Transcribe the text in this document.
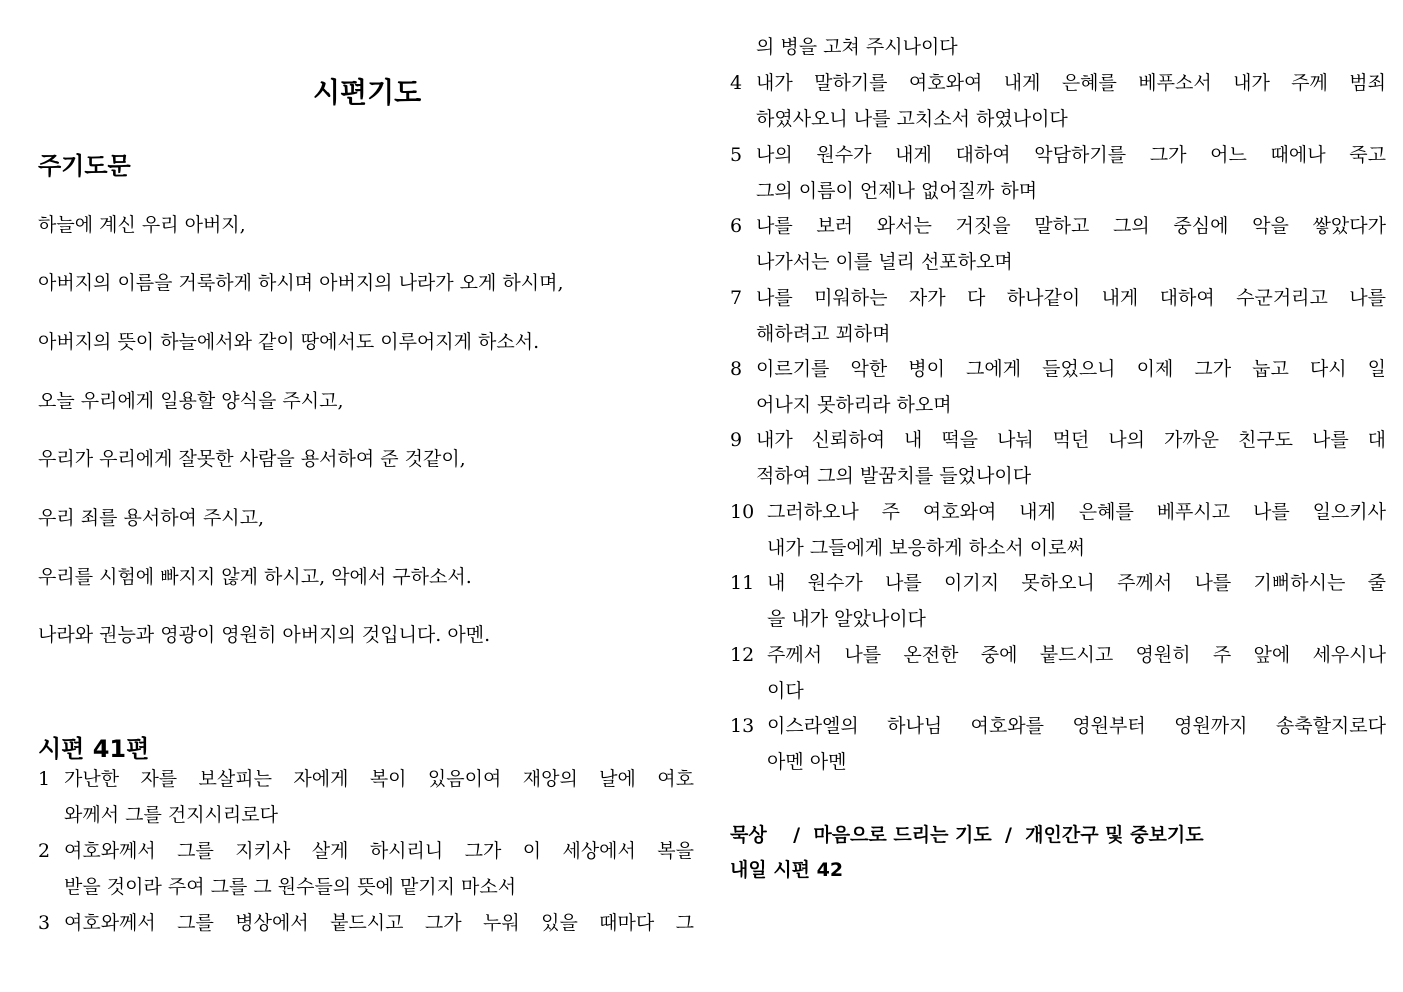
시편기도
주기도문
하늘에 계신 우리 아버지,
아버지의 이름을 거룩하게 하시며 아버지의 나라가 오게 하시며,
아버지의 뜻이 하늘에서와 같이 땅에서도 이루어지게 하소서.
오늘 우리에게 일용할 양식을 주시고,
우리가 우리에게 잘못한 사람을 용서하여 준 것같이,
우리 죄를 용서하여 주시고,
우리를 시험에 빠지지 않게 하시고, 악에서 구하소서.
나라와 권능과 영광이 영원히 아버지의 것입니다. 아멘.
시편 41편
1 가난한 자를 보살피는 자에게 복이 있음이여 재앙의 날에 여호
와께서 그를 건지시리로다
2 여호와께서 그를 지키사 살게 하시리니 그가 이 세상에서 복을
받을 것이라 주여 그를 그 원수들의 뜻에 맡기지 마소서
3 여호와께서 그를 병상에서 붙드시고 그가 누워 있을 때마다 그
의 병을 고쳐 주시나이다
4 내가 말하기를 여호와여 내게 은혜를 베푸소서 내가 주께 범죄
하였사오니 나를 고치소서 하였나이다
5 나의 원수가 내게 대하여 악담하기를 그가 어느 때에나 죽고
그의 이름이 언제나 없어질까 하며
6 나를 보러 와서는 거짓을 말하고 그의 중심에 악을 쌓았다가
나가서는 이를 널리 선포하오며
7 나를 미워하는 자가 다 하나같이 내게 대하여 수군거리고 나를
해하려고 꾀하며
8 이르기를 악한 병이 그에게 들었으니 이제 그가 눕고 다시 일
어나지 못하리라 하오며
9 내가 신뢰하여 내 떡을 나눠 먹던 나의 가까운 친구도 나를 대
적하여 그의 발꿈치를 들었나이다
10 그러하오나 주 여호와여 내게 은혜를 베푸시고 나를 일으키사
내가 그들에게 보응하게 하소서 이로써
11 내 원수가 나를 이기지 못하오니 주께서 나를 기뻐하시는 줄
을 내가 알았나이다
12 주께서 나를 온전한 중에 붙드시고 영원히 주 앞에 세우시나
이다
13 이스라엘의 하나님 여호와를 영원부터 영원까지 송축할지로다
아멘 아멘
묵상    /  마음으로 드리는 기도  /  개인간구 및 중보기도
내일 시편 42
